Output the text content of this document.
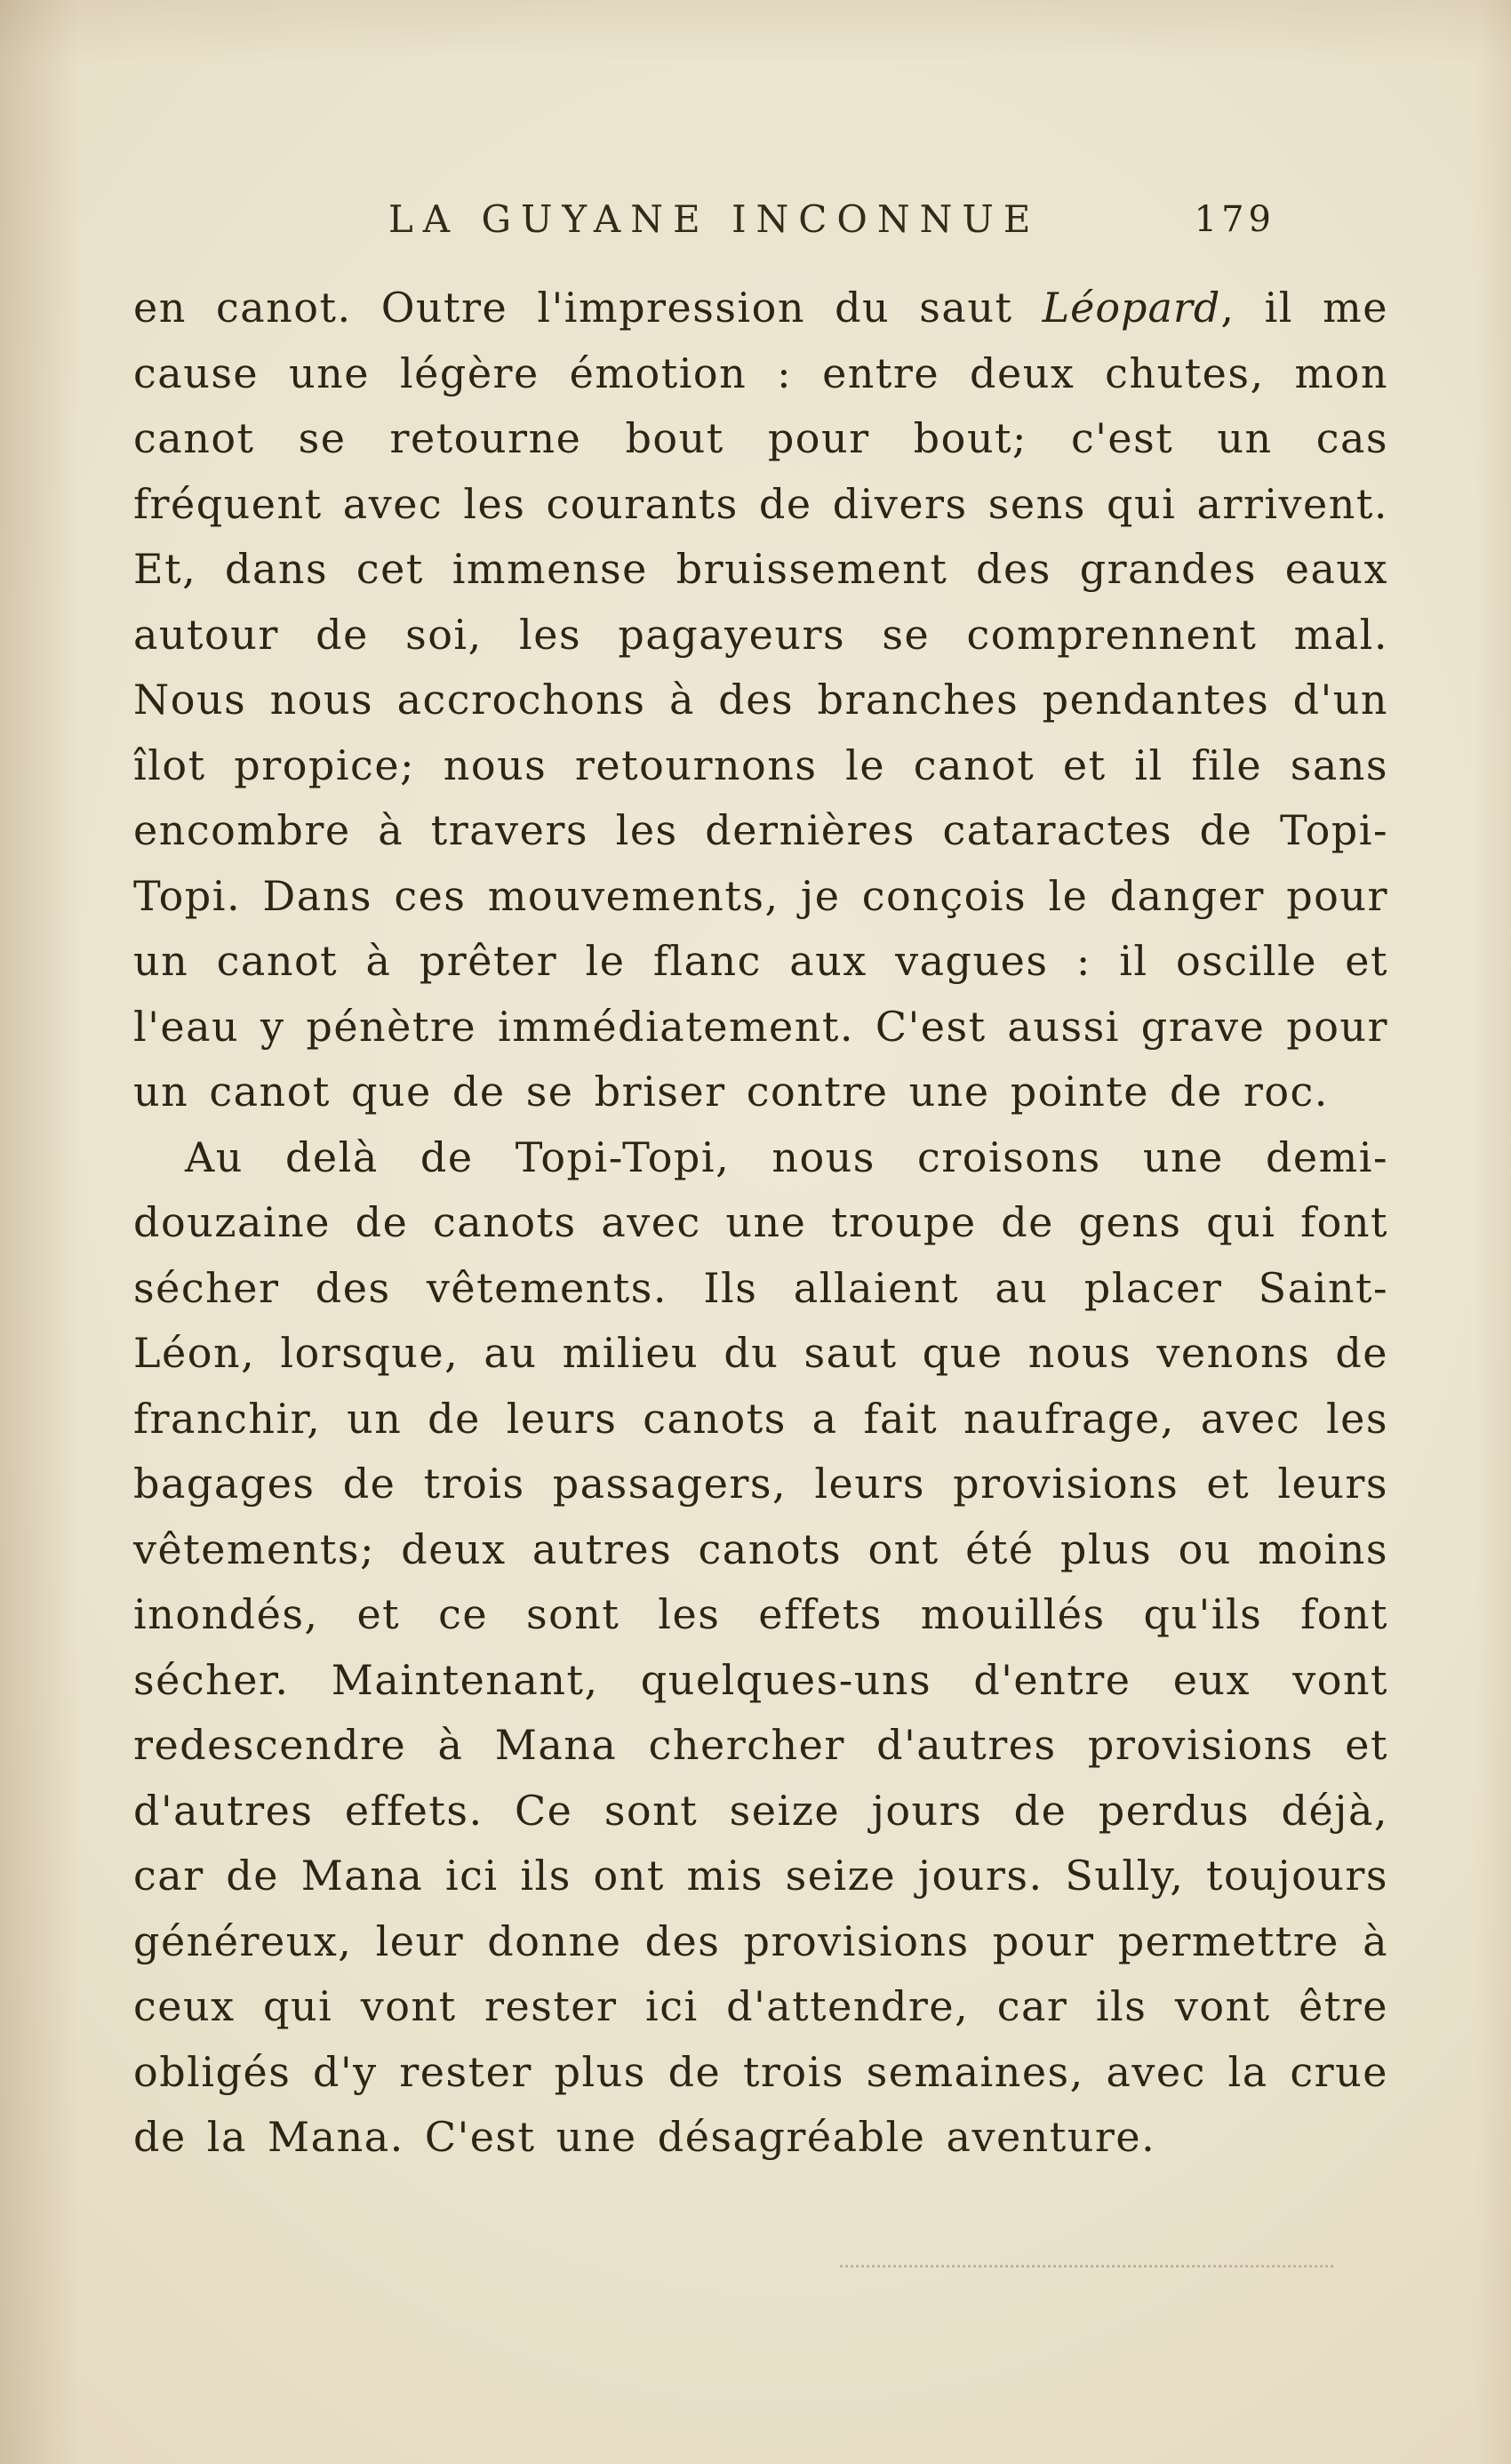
LA GUYANE INCONNUE	179

en canot. Outre l'impression du saut Léopard, il me cause une légère émotion : entre deux chutes, mon canot se retourne bout pour bout; c'est un cas fréquent avec les courants de divers sens qui arrivent. Et, dans cet immense bruissement des grandes eaux autour de soi, les pagayeurs se comprennent mal. Nous nous accrochons à des branches pendantes d'un îlot propice; nous retournons le canot et il file sans encombre à travers les dernières cataractes de Topi-Topi. Dans ces mouvements, je conçois le danger pour un canot à prêter le flanc aux vagues : il oscille et l'eau y pénètre immédiatement. C'est aussi grave pour un canot que de se briser contre une pointe de roc.

Au delà de Topi-Topi, nous croisons une demi-douzaine de canots avec une troupe de gens qui font sécher des vêtements. Ils allaient au placer Saint-Léon, lorsque, au milieu du saut que nous venons de franchir, un de leurs canots a fait naufrage, avec les bagages de trois passagers, leurs provisions et leurs vêtements; deux autres canots ont été plus ou moins inondés, et ce sont les effets mouillés qu'ils font sécher. Maintenant, quelques-uns d'entre eux vont redescendre à Mana chercher d'autres provisions et d'autres effets. Ce sont seize jours de perdus déjà, car de Mana ici ils ont mis seize jours. Sully, toujours généreux, leur donne des provisions pour permettre à ceux qui vont rester ici d'attendre, car ils vont être obligés d'y rester plus de trois semaines, avec la crue de la Mana. C'est une désagréable aventure.
